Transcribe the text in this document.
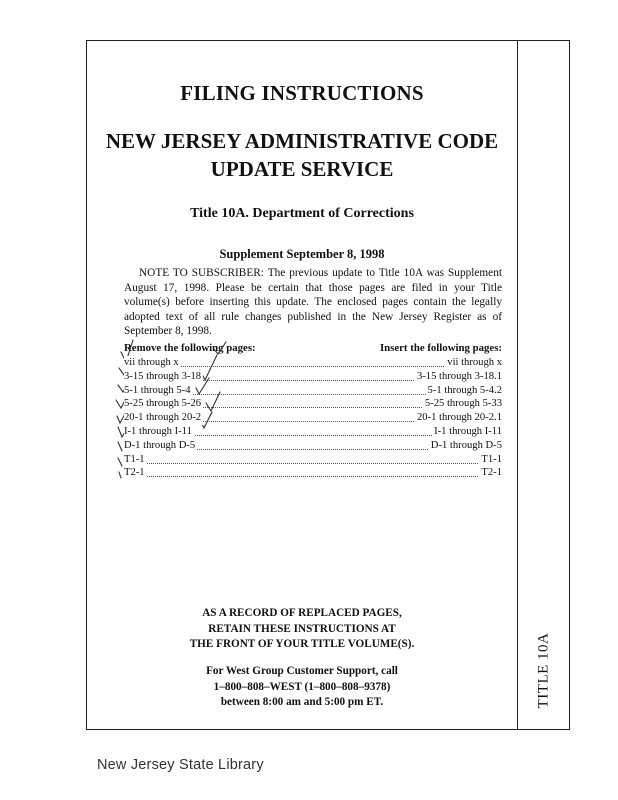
FILING INSTRUCTIONS
NEW JERSEY ADMINISTRATIVE CODE
UPDATE SERVICE
Title 10A. Department of Corrections
Supplement September 8, 1998
NOTE TO SUBSCRIBER: The previous update to Title 10A was Supplement August 17, 1998. Please be certain that those pages are filed in your Title volume(s) before inserting this update. The enclosed pages contain the legally adopted text of all rule changes published in the New Jersey Register as of September 8, 1998.
Remove the following pages:	Insert the following pages:
vii through x	vii through x
3-15 through 3-18	3-15 through 3-18.1
5-1 through 5-4	5-1 through 5-4.2
5-25 through 5-26	5-25 through 5-33
20-1 through 20-2	20-1 through 20-2.1
I-1 through I-11	I-1 through I-11
D-1 through D-5	D-1 through D-5
T1-1	T1-1
T2-1	T2-1
AS A RECORD OF REPLACED PAGES,
RETAIN THESE INSTRUCTIONS AT
THE FRONT OF YOUR TITLE VOLUME(S).
For West Group Customer Support, call
1–800–808–WEST (1–800–808–9378)
between 8:00 am and 5:00 pm ET.	TITLE 10A
New Jersey State Library
